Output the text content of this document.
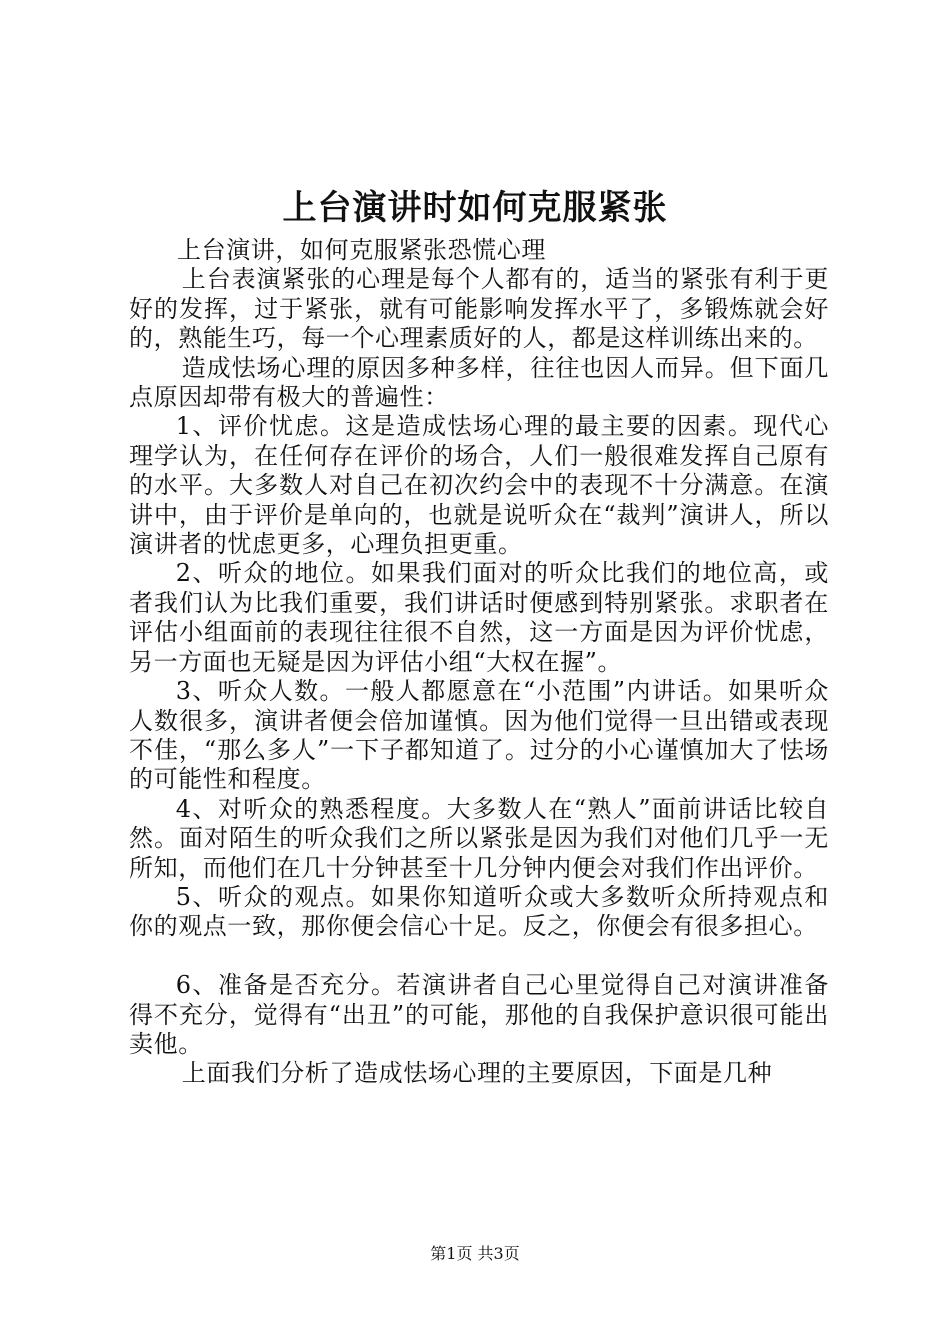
上台演讲时如何克服紧张

上台演讲，如何克服紧张恐慌心理

上台表演紧张的心理是每个人都有的，适当的紧张有利于更好的发挥，过于紧张，就有可能影响发挥水平了，多锻炼就会好的，熟能生巧，每一个心理素质好的人，都是这样训练出来的。

造成怯场心理的原因多种多样，往往也因人而异。但下面几点原因却带有极大的普遍性：

1、评价忧虑。这是造成怯场心理的最主要的因素。现代心理学认为，在任何存在评价的场合，人们一般很难发挥自己原有的水平。大多数人对自己在初次约会中的表现不十分满意。在演讲中，由于评价是单向的，也就是说听众在“裁判”演讲人，所以演讲者的忧虑更多，心理负担更重。

2、听众的地位。如果我们面对的听众比我们的地位高，或者我们认为比我们重要，我们讲话时便感到特别紧张。求职者在评估小组面前的表现往往很不自然，这一方面是因为评价忧虑，另一方面也无疑是因为评估小组“大权在握”。

3、听众人数。一般人都愿意在“小范围”内讲话。如果听众人数很多，演讲者便会倍加谨慎。因为他们觉得一旦出错或表现不佳，“那么多人”一下子都知道了。过分的小心谨慎加大了怯场的可能性和程度。

4、对听众的熟悉程度。大多数人在“熟人”面前讲话比较自然。面对陌生的听众我们之所以紧张是因为我们对他们几乎一无所知，而他们在几十分钟甚至十几分钟内便会对我们作出评价。

5、听众的观点。如果你知道听众或大多数听众所持观点和你的观点一致，那你便会信心十足。反之，你便会有很多担心。

6、准备是否充分。若演讲者自己心里觉得自己对演讲准备得不充分，觉得有“出丑”的可能，那他的自我保护意识很可能出卖他。

上面我们分析了造成怯场心理的主要原因，下面是几种

第1页 共3页
